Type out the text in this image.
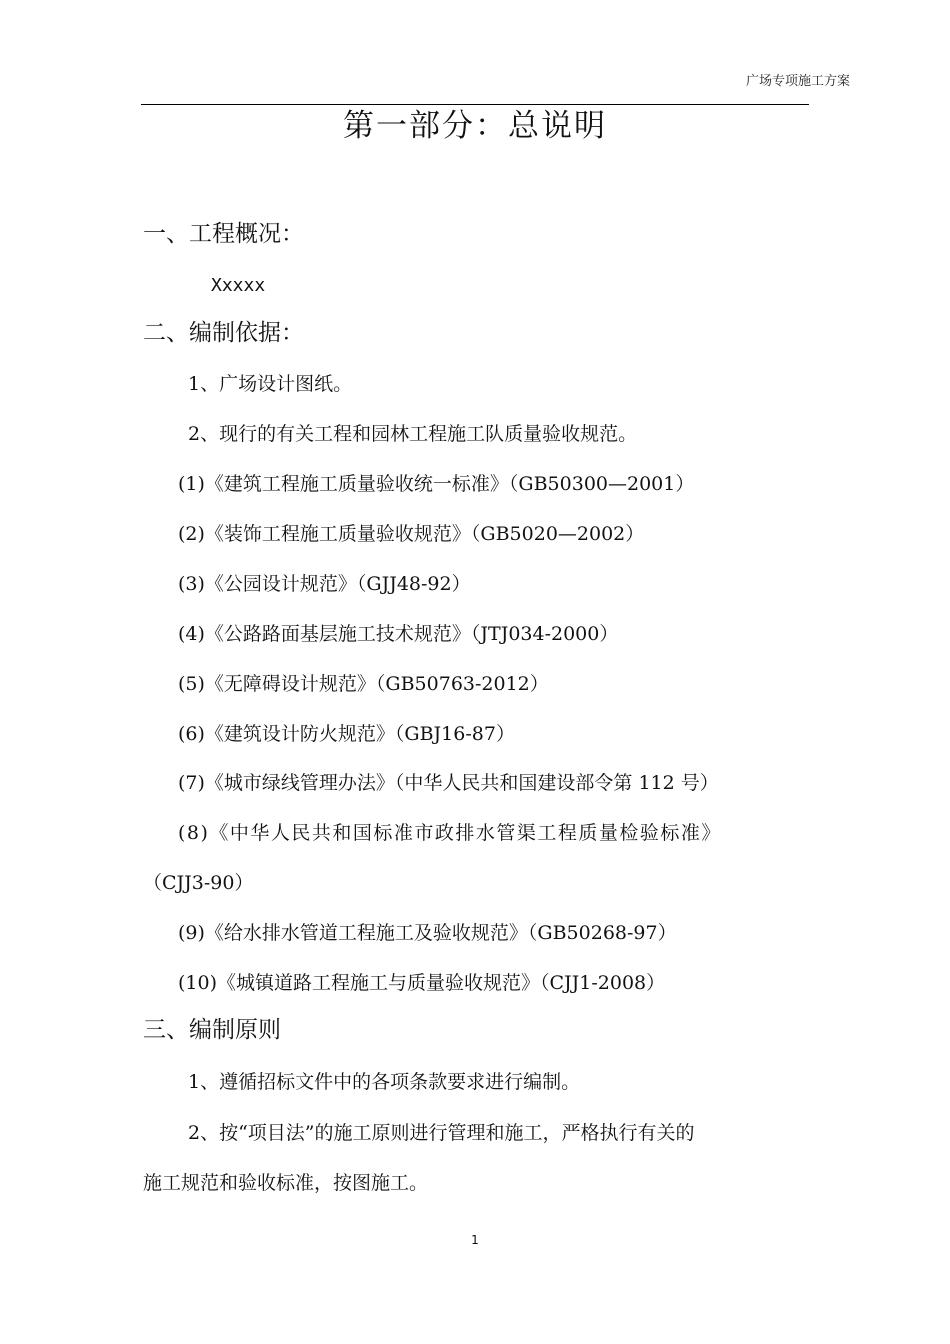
广场专项施工方案
第一部分：总说明
一、工程概况：
Xxxxx
二、编制依据：
1、广场设计图纸。
2、现行的有关工程和园林工程施工队质量验收规范。
(1)《建筑工程施工质量验收统一标准》（GB50300—2001）
(2)《装饰工程施工质量验收规范》（GB5020—2002）
(3)《公园设计规范》（GJJ48-92）
(4)《公路路面基层施工技术规范》（JTJ034-2000）
(5)《无障碍设计规范》（GB50763-2012）
(6)《建筑设计防火规范》（GBJ16-87）
(7)《城市绿线管理办法》（中华人民共和国建设部令第 112 号）
(8)《中华人民共和国标准市政排水管渠工程质量检验标准》
（CJJ3-90）
(9)《给水排水管道工程施工及验收规范》（GB50268-97）
(10)《城镇道路工程施工与质量验收规范》（CJJ1-2008）
三、编制原则
1、遵循招标文件中的各项条款要求进行编制。
2、按“项目法”的施工原则进行管理和施工，严格执行有关的
施工规范和验收标准，按图施工。
1
